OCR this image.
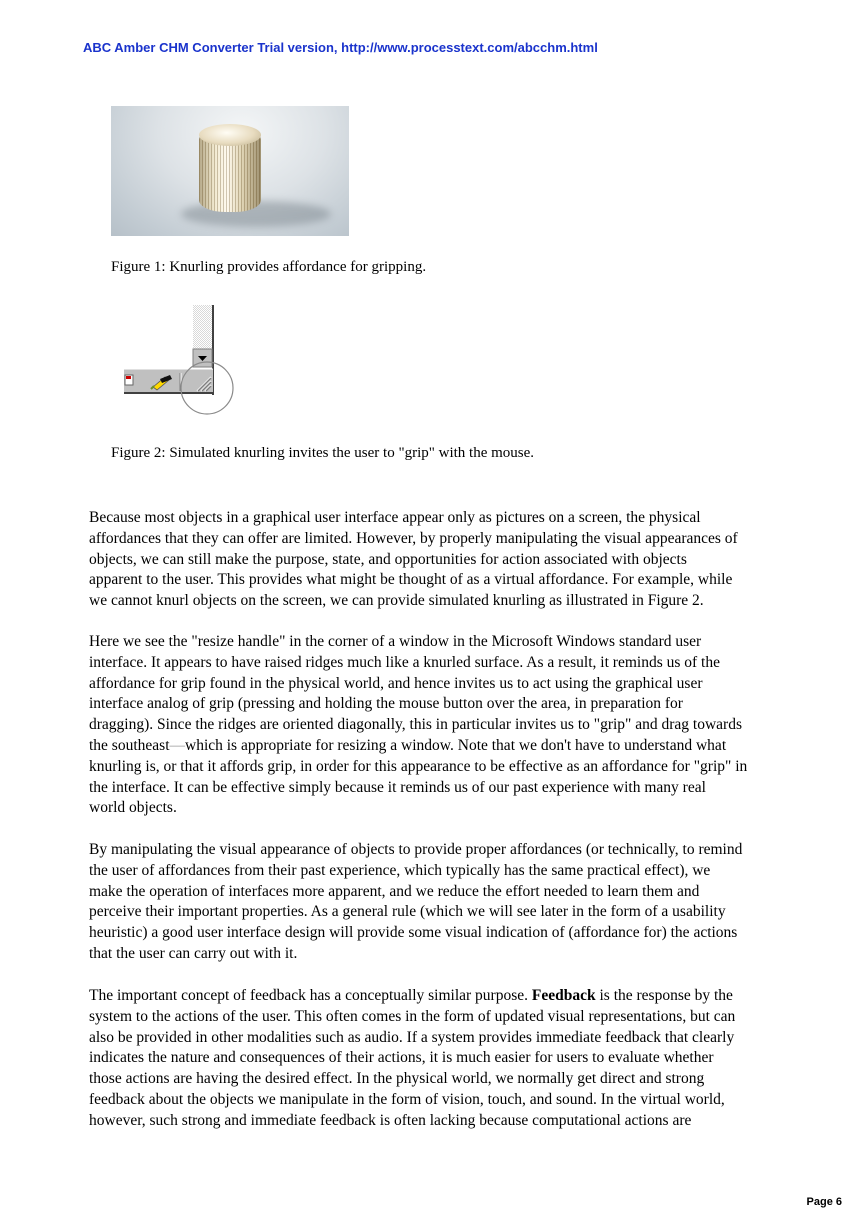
ABC Amber CHM Converter Trial version, http://www.processtext.com/abcchm.html
Figure 1: Knurling provides affordance for gripping.
Figure 2: Simulated knurling invites the user to "grip" with the mouse.

Because most objects in a graphical user interface appear only as pictures on a screen, the physical
affordances that they can offer are limited. However, by properly manipulating the visual appearances of
objects, we can still make the purpose, state, and opportunities for action associated with objects
apparent to the user. This provides what might be thought of as a virtual affordance. For example, while
we cannot knurl objects on the screen, we can provide simulated knurling as illustrated in Figure 2.

Here we see the "resize handle" in the corner of a window in the Microsoft Windows standard user
interface. It appears to have raised ridges much like a knurled surface. As a result, it reminds us of the
affordance for grip found in the physical world, and hence invites us to act using the graphical user
interface analog of grip (pressing and holding the mouse button over the area, in preparation for
dragging). Since the ridges are oriented diagonally, this in particular invites us to "grip" and drag towards
the southeast—which is appropriate for resizing a window. Note that we don't have to understand what
knurling is, or that it affords grip, in order for this appearance to be effective as an affordance for "grip" in
the interface. It can be effective simply because it reminds us of our past experience with many real
world objects.

By manipulating the visual appearance of objects to provide proper affordances (or technically, to remind
the user of affordances from their past experience, which typically has the same practical effect), we
make the operation of interfaces more apparent, and we reduce the effort needed to learn them and
perceive their important properties. As a general rule (which we will see later in the form of a usability
heuristic) a good user interface design will provide some visual indication of (affordance for) the actions
that the user can carry out with it.

The important concept of feedback has a conceptually similar purpose. Feedback is the response by the
system to the actions of the user. This often comes in the form of updated visual representations, but can
also be provided in other modalities such as audio. If a system provides immediate feedback that clearly
indicates the nature and consequences of their actions, it is much easier for users to evaluate whether
those actions are having the desired effect. In the physical world, we normally get direct and strong
feedback about the objects we manipulate in the form of vision, touch, and sound. In the virtual world,
however, such strong and immediate feedback is often lacking because computational actions are

Page 6
